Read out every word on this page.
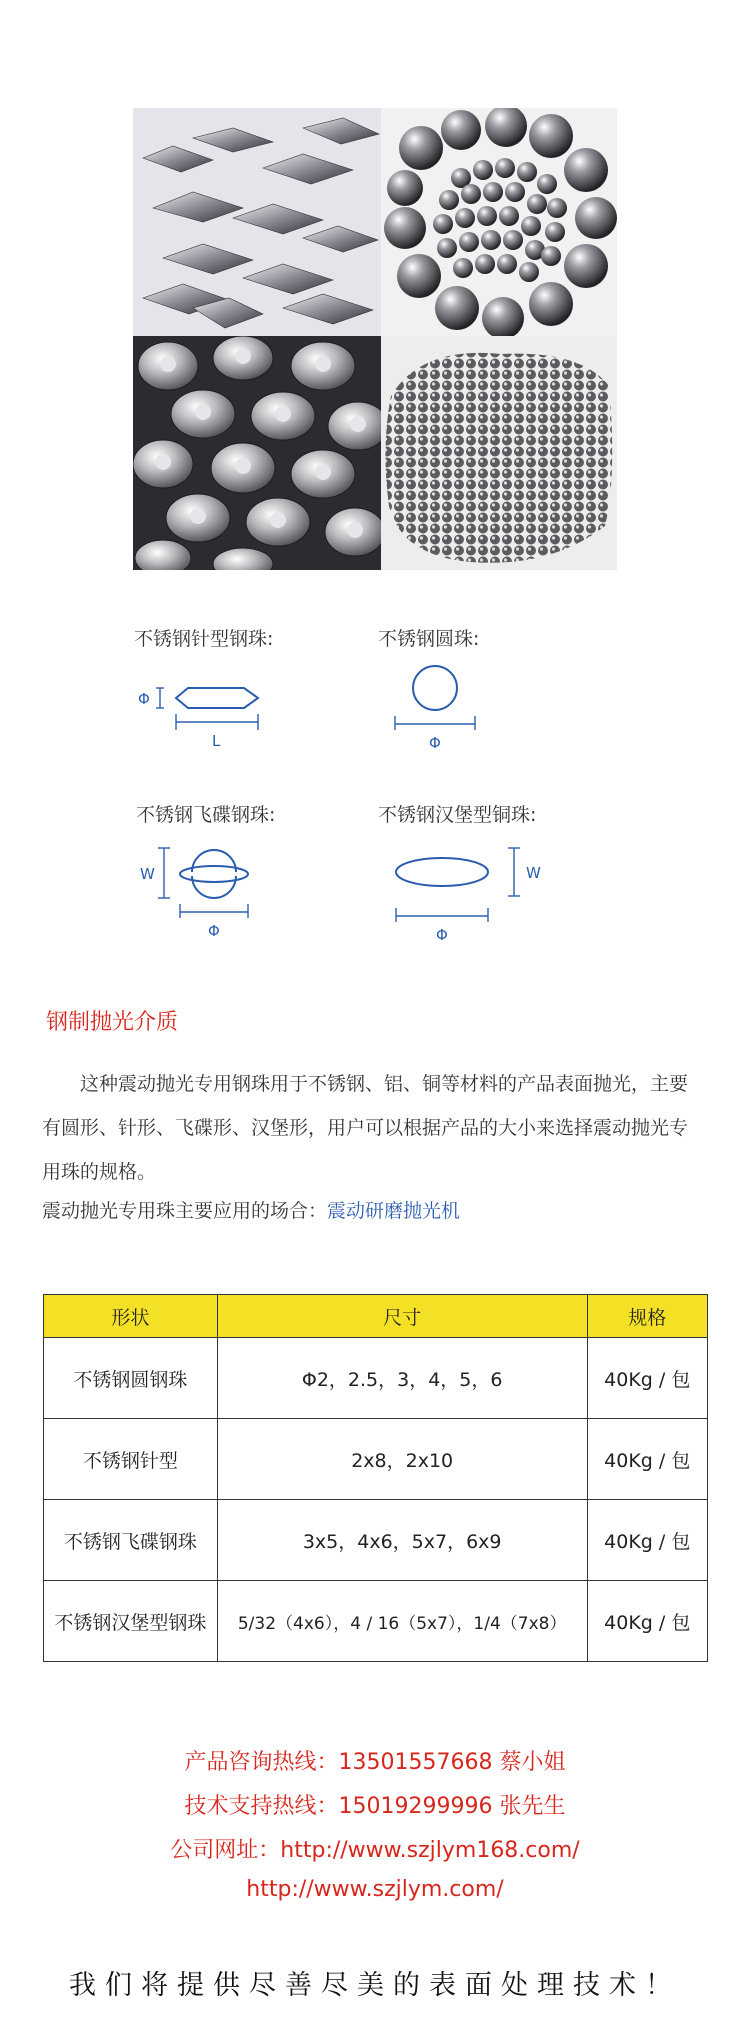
不锈钢针型钢珠:
Φ
L
不锈钢圆珠:
Φ
不锈钢飞碟钢珠:
W
Φ
不锈钢汉堡型铜珠:
W
Φ
钢制抛光介质
这种震动抛光专用钢珠用于不锈钢、铝、铜等材料的产品表面抛光，主要有圆形、针形、飞碟形、汉堡形，用户可以根据产品的大小来选择震动抛光专用珠的规格。
震动抛光专用珠主要应用的场合：震动研磨抛光机
形状	尺寸	规格
不锈钢圆钢珠	Φ2，2.5，3，4，5，6	40Kg / 包
不锈钢针型	2x8，2x10	40Kg / 包
不锈钢飞碟钢珠	3x5，4x6，5x7，6x9	40Kg / 包
不锈钢汉堡型钢珠	5/32（4x6），4 / 16（5x7），1/4（7x8）	40Kg / 包
产品咨询热线：13501557668 蔡小姐
技术支持热线：15019299996 张先生
公司网址：http://www.szjlym168.com/
http://www.szjlym.com/
我们将提供尽善尽美的表面处理技术！
